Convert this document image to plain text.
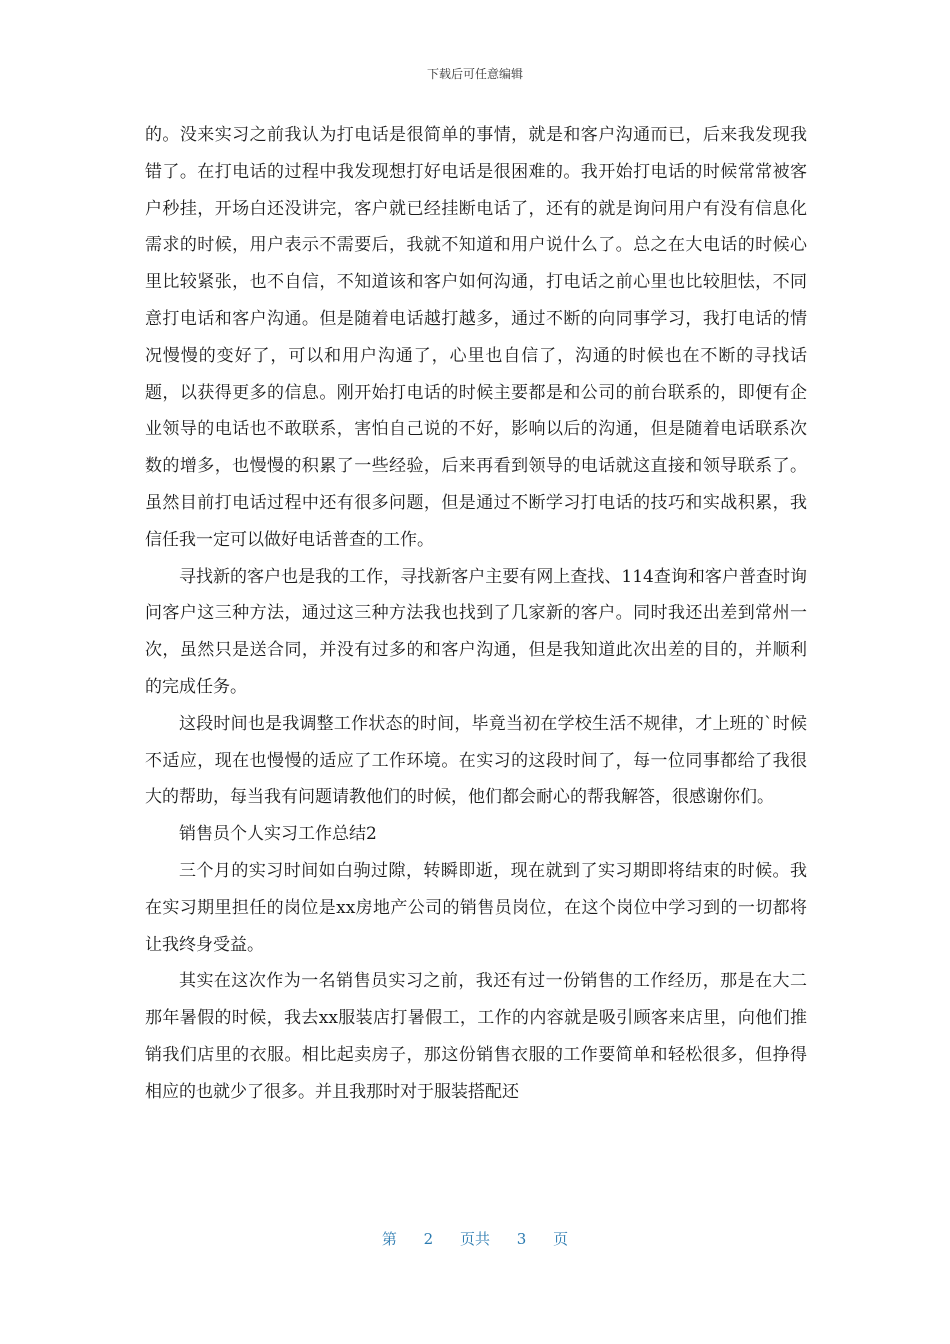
下载后可任意编辑

的。没来实习之前我认为打电话是很简单的事情，就是和客户沟通而已，后来我发现我错了。在打电话的过程中我发现想打好电话是很困难的。我开始打电话的时候常常被客户秒挂，开场白还没讲完，客户就已经挂断电话了，还有的就是询问用户有没有信息化需求的时候，用户表示不需要后，我就不知道和用户说什么了。总之在大电话的时候心里比较紧张，也不自信，不知道该和客户如何沟通，打电话之前心里也比较胆怯，不同意打电话和客户沟通。但是随着电话越打越多，通过不断的向同事学习，我打电话的情况慢慢的变好了，可以和用户沟通了，心里也自信了，沟通的时候也在不断的寻找话题，以获得更多的信息。刚开始打电话的时候主要都是和公司的前台联系的，即便有企业领导的电话也不敢联系，害怕自己说的不好，影响以后的沟通，但是随着电话联系次数的增多，也慢慢的积累了一些经验，后来再看到领导的电话就这直接和领导联系了。虽然目前打电话过程中还有很多问题，但是通过不断学习打电话的技巧和实战积累，我信任我一定可以做好电话普查的工作。

寻找新的客户也是我的工作，寻找新客户主要有网上查找、114查询和客户普查时询问客户这三种方法，通过这三种方法我也找到了几家新的客户。同时我还出差到常州一次，虽然只是送合同，并没有过多的和客户沟通，但是我知道此次出差的目的，并顺利的完成任务。

这段时间也是我调整工作状态的时间，毕竟当初在学校生活不规律，才上班的`时候不适应，现在也慢慢的适应了工作环境。在实习的这段时间了，每一位同事都给了我很大的帮助，每当我有问题请教他们的时候，他们都会耐心的帮我解答，很感谢你们。

销售员个人实习工作总结2

三个月的实习时间如白驹过隙，转瞬即逝，现在就到了实习期即将结束的时候。我在实习期里担任的岗位是xx房地产公司的销售员岗位，在这个岗位中学习到的一切都将让我终身受益。

其实在这次作为一名销售员实习之前，我还有过一份销售的工作经历，那是在大二那年暑假的时候，我去xx服装店打暑假工，工作的内容就是吸引顾客来店里，向他们推销我们店里的衣服。相比起卖房子，那这份销售衣服的工作要简单和轻松很多，但挣得相应的也就少了很多。并且我那时对于服装搭配还

第 2 页共 3 页
